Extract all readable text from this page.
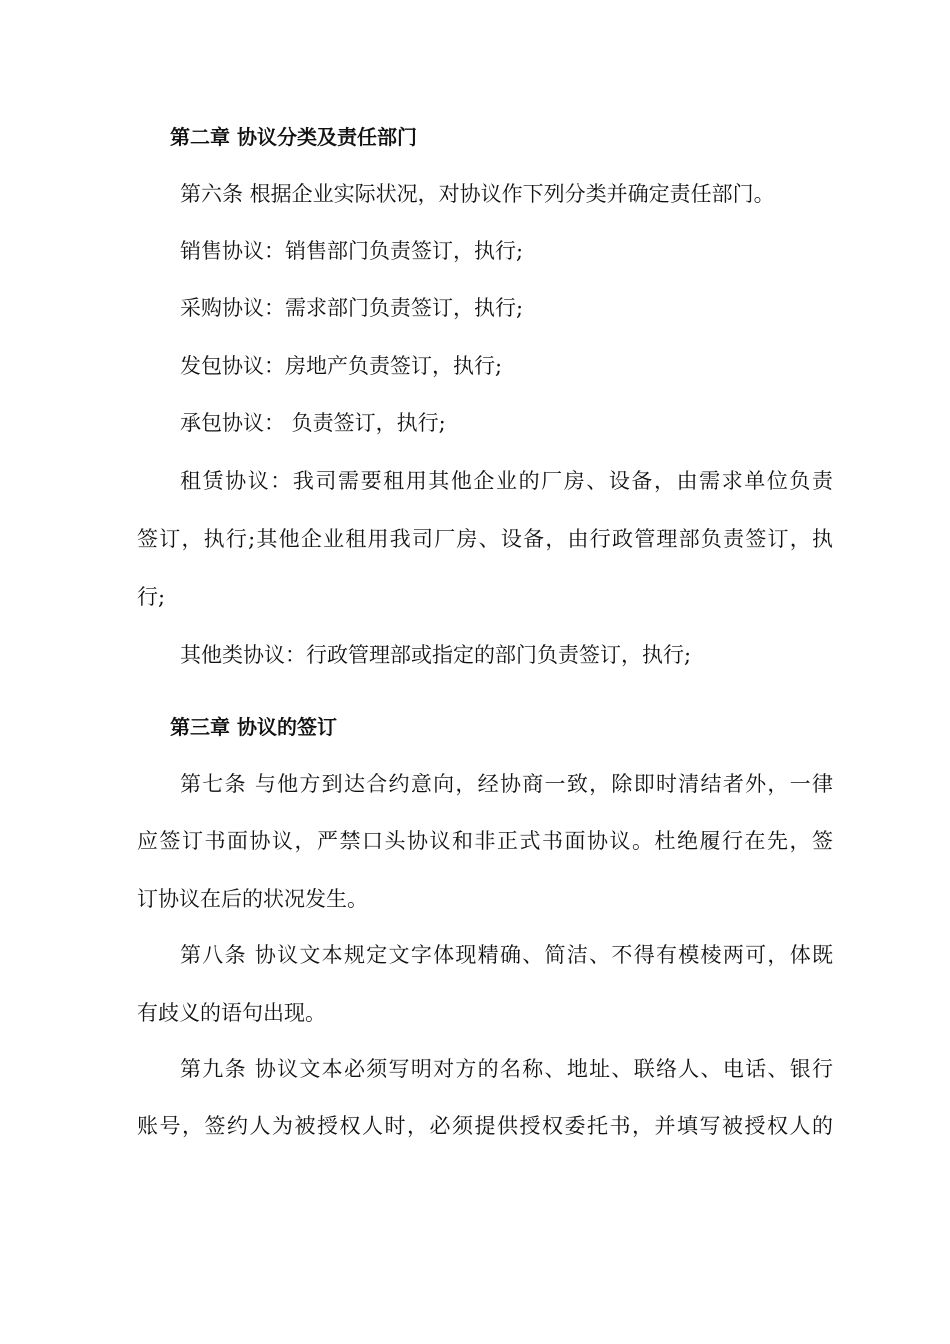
第二章 协议分类及责任部门
第六条 根据企业实际状况，对协议作下列分类并确定责任部门。
销售协议：销售部门负责签订，执行;
采购协议：需求部门负责签订，执行;
发包协议：房地产负责签订，执行;
承包协议： 负责签订，执行;
租赁协议：我司需要租用其他企业的厂房、设备，由需求单位负责
签订，执行;其他企业租用我司厂房、设备，由行政管理部负责签订，执
行;
其他类协议：行政管理部或指定的部门负责签订，执行;
第三章 协议的签订
第七条 与他方到达合约意向，经协商一致，除即时清结者外，一律
应签订书面协议，严禁口头协议和非正式书面协议。杜绝履行在先，签
订协议在后的状况发生。
第八条 协议文本规定文字体现精确、简洁、不得有模棱两可，体既
有歧义的语句出现。
第九条 协议文本必须写明对方的名称、地址、联络人、电话、银行
账号，签约人为被授权人时，必须提供授权委托书，并填写被授权人的
